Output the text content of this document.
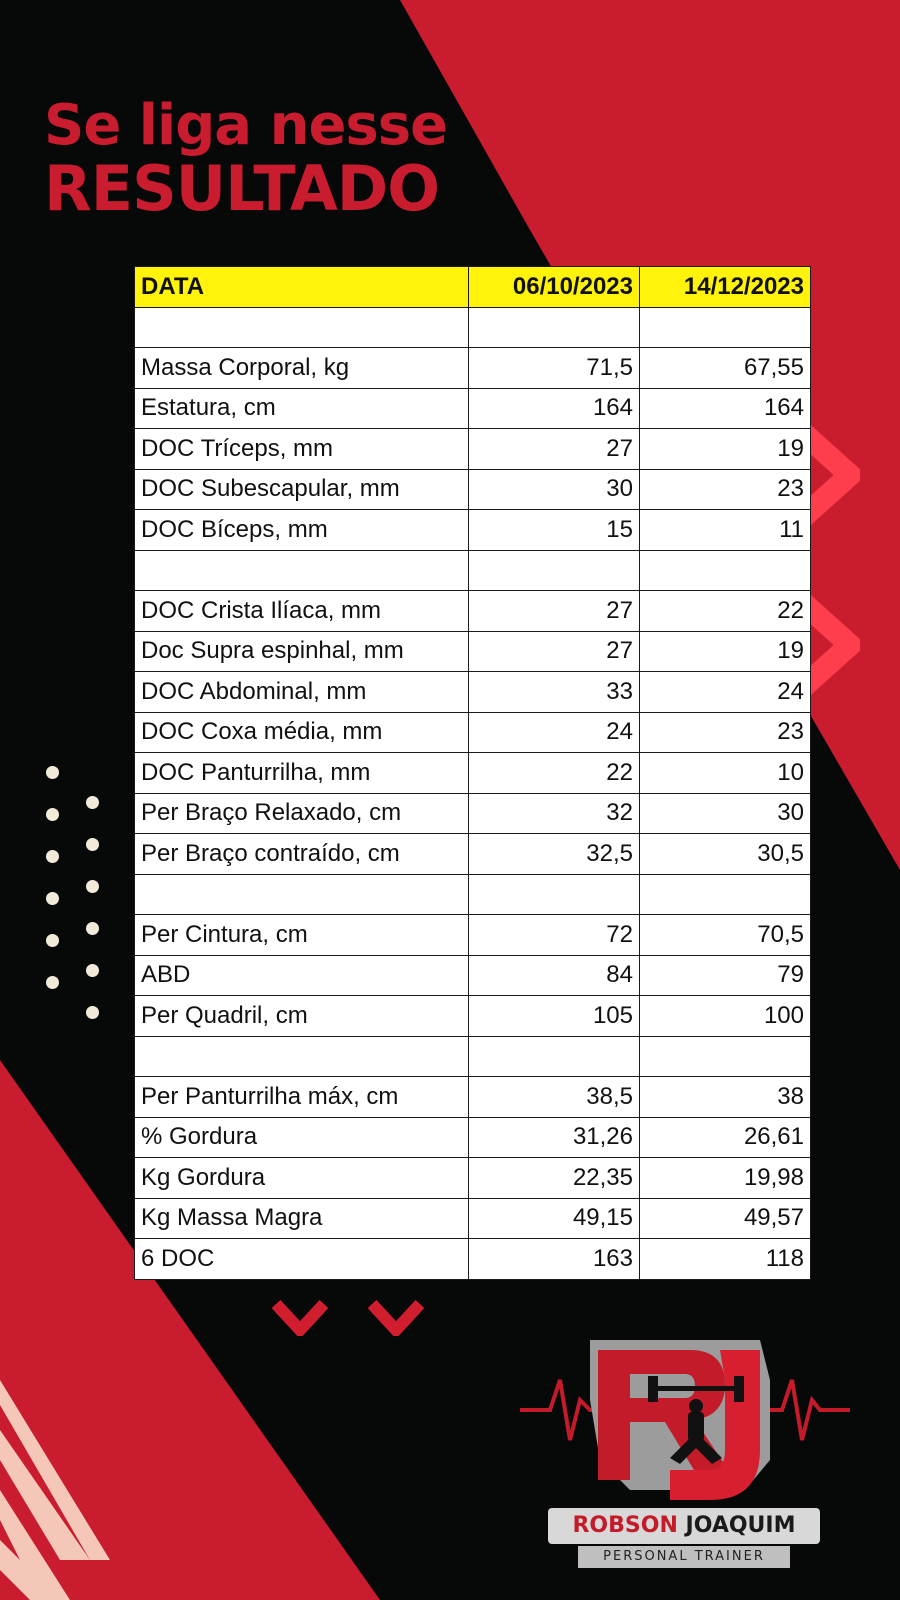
Se liga nesse
RESULTADO
DATA	06/10/2023	14/12/2023

Massa Corporal, kg	71,5	67,55
Estatura, cm	164	164
DOC Tríceps, mm	27	19
DOC Subescapular, mm	30	23
DOC Bíceps, mm	15	11

DOC Crista Ilíaca, mm	27	22
Doc Supra espinhal, mm	27	19
DOC Abdominal, mm	33	24
DOC Coxa média, mm	24	23
DOC Panturrilha, mm	22	10
Per Braço Relaxado, cm	32	30
Per Braço contraído, cm	32,5	30,5

Per Cintura, cm	72	70,5
ABD	84	79
Per Quadril, cm	105	100

Per Panturrilha máx, cm	38,5	38
% Gordura	31,26	26,61
Kg Gordura	22,35	19,98
Kg Massa Magra	49,15	49,57
6 DOC	163	118
ROBSON JOAQUIM
PERSONAL TRAINER
